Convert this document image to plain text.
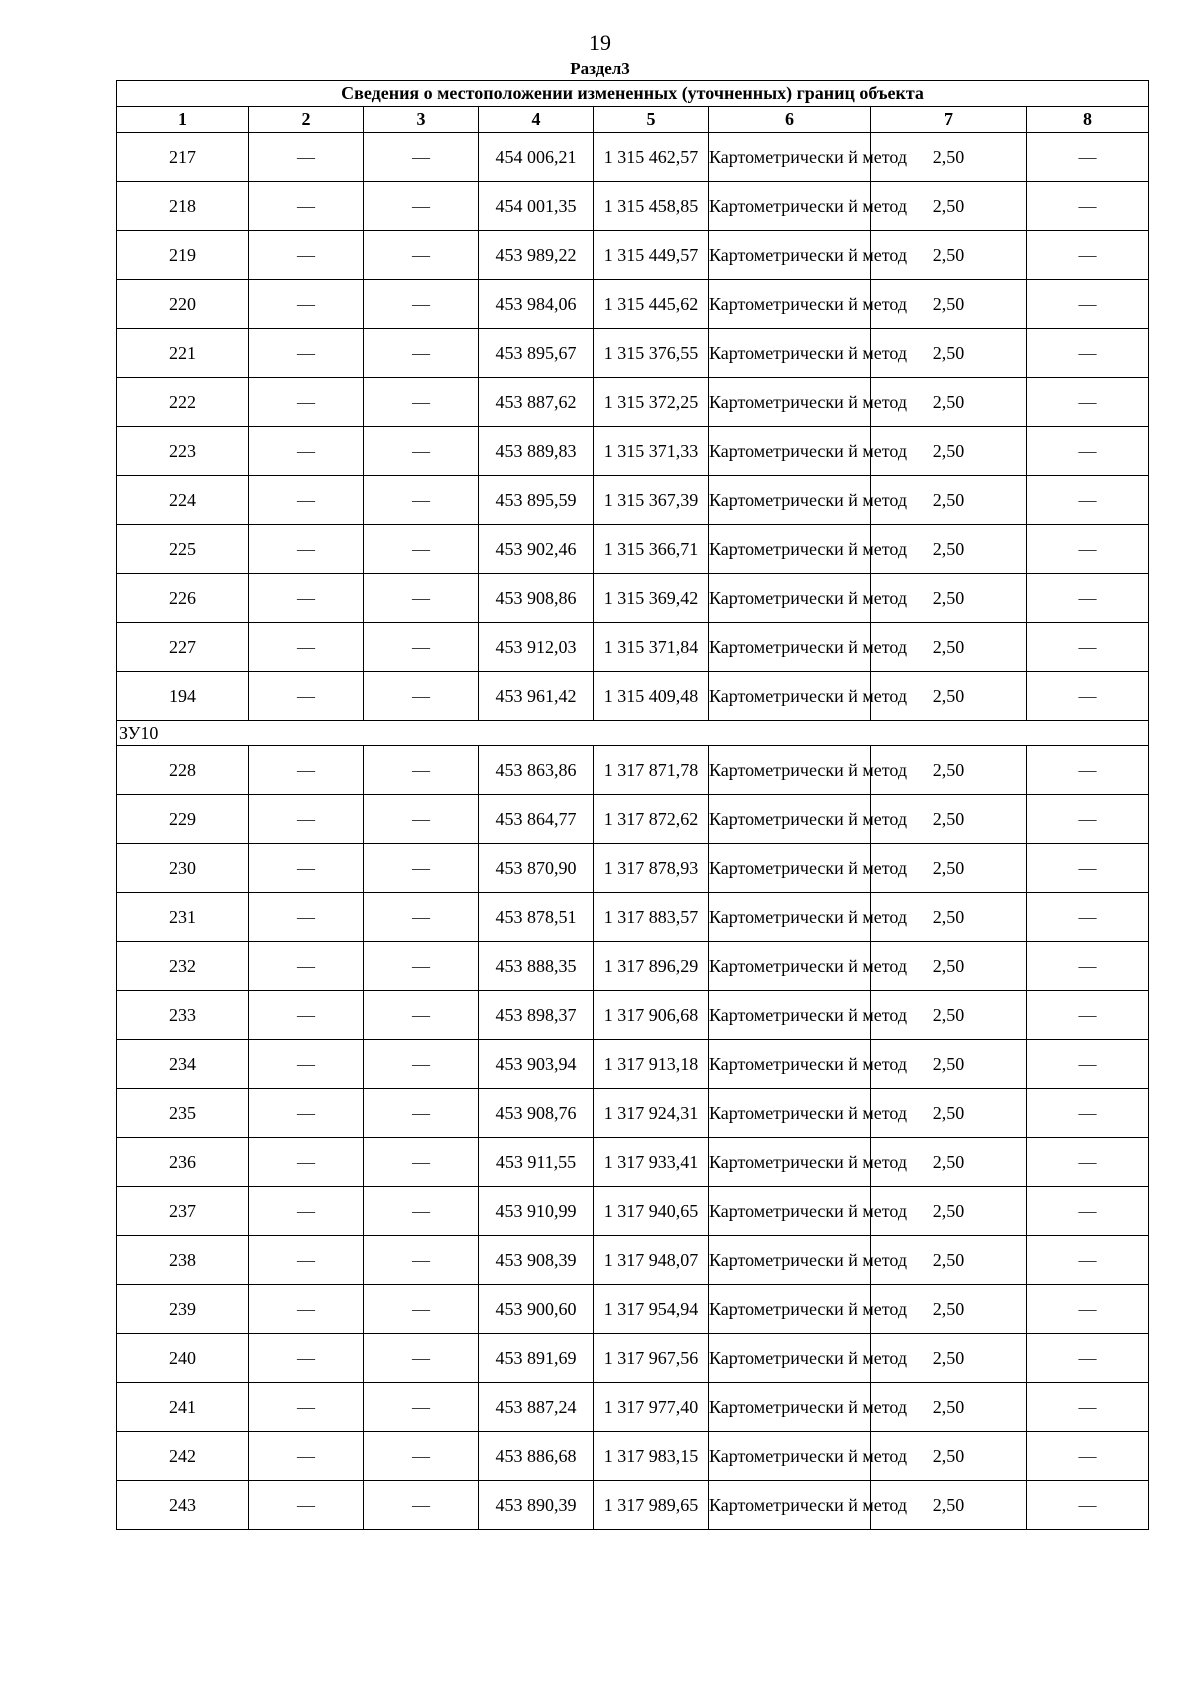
19
Раздел3
Сведения о местоположении измененных (уточненных) границ объекта							
1	2	3	4	5	6	7	8
217	—	—	454 006,21	1 315 462,57	Картометрически й метод	2,50	—
218	—	—	454 001,35	1 315 458,85	Картометрически й метод	2,50	—
219	—	—	453 989,22	1 315 449,57	Картометрически й метод	2,50	—
220	—	—	453 984,06	1 315 445,62	Картометрически й метод	2,50	—
221	—	—	453 895,67	1 315 376,55	Картометрически й метод	2,50	—
222	—	—	453 887,62	1 315 372,25	Картометрически й метод	2,50	—
223	—	—	453 889,83	1 315 371,33	Картометрически й метод	2,50	—
224	—	—	453 895,59	1 315 367,39	Картометрически й метод	2,50	—
225	—	—	453 902,46	1 315 366,71	Картометрически й метод	2,50	—
226	—	—	453 908,86	1 315 369,42	Картометрически й метод	2,50	—
227	—	—	453 912,03	1 315 371,84	Картометрически й метод	2,50	—
194	—	—	453 961,42	1 315 409,48	Картометрически й метод	2,50	—
ЗУ10							
228	—	—	453 863,86	1 317 871,78	Картометрически й метод	2,50	—
229	—	—	453 864,77	1 317 872,62	Картометрически й метод	2,50	—
230	—	—	453 870,90	1 317 878,93	Картометрически й метод	2,50	—
231	—	—	453 878,51	1 317 883,57	Картометрически й метод	2,50	—
232	—	—	453 888,35	1 317 896,29	Картометрически й метод	2,50	—
233	—	—	453 898,37	1 317 906,68	Картометрически й метод	2,50	—
234	—	—	453 903,94	1 317 913,18	Картометрически й метод	2,50	—
235	—	—	453 908,76	1 317 924,31	Картометрически й метод	2,50	—
236	—	—	453 911,55	1 317 933,41	Картометрически й метод	2,50	—
237	—	—	453 910,99	1 317 940,65	Картометрически й метод	2,50	—
238	—	—	453 908,39	1 317 948,07	Картометрически й метод	2,50	—
239	—	—	453 900,60	1 317 954,94	Картометрически й метод	2,50	—
240	—	—	453 891,69	1 317 967,56	Картометрически й метод	2,50	—
241	—	—	453 887,24	1 317 977,40	Картометрически й метод	2,50	—
242	—	—	453 886,68	1 317 983,15	Картометрически й метод	2,50	—
243	—	—	453 890,39	1 317 989,65	Картометрически й метод	2,50	—
